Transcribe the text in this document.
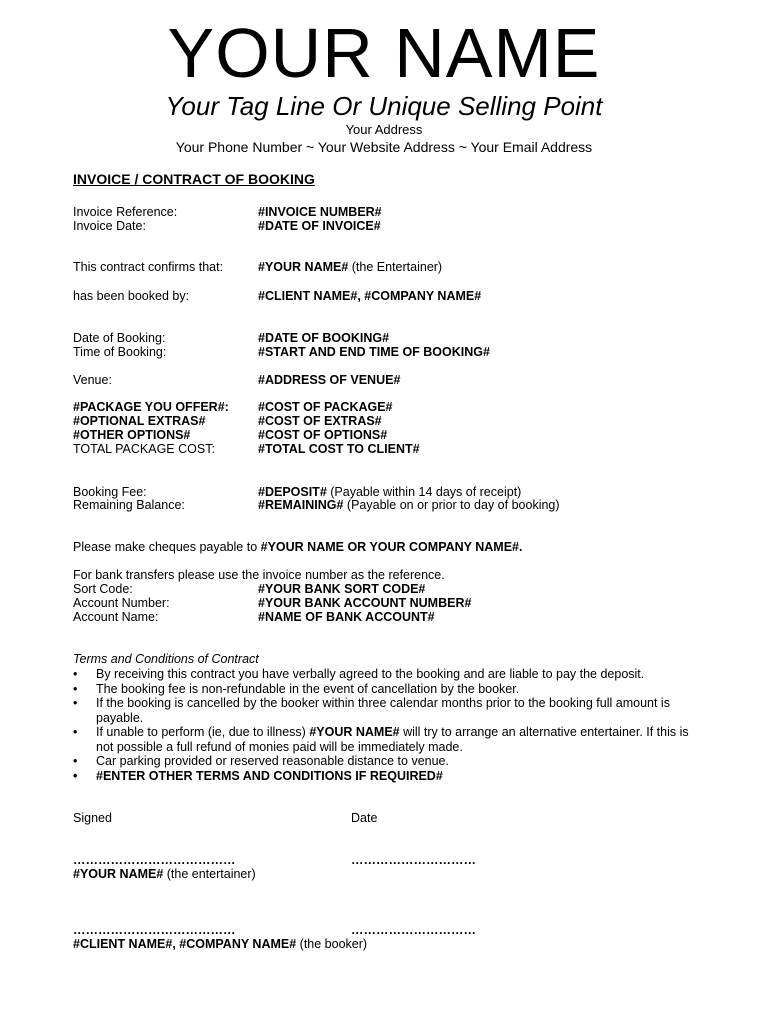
YOUR NAME
Your Tag Line Or Unique Selling Point
Your Address
Your Phone Number ~ Your Website Address ~ Your Email Address
INVOICE / CONTRACT OF BOOKING
Invoice Reference:	#INVOICE NUMBER#
Invoice Date:	#DATE OF INVOICE#
This contract confirms that:	#YOUR NAME# (the Entertainer)
has been booked by:	#CLIENT NAME#, #COMPANY NAME#
Date of Booking:	#DATE OF BOOKING#
Time of Booking:	#START AND END TIME OF BOOKING#
Venue:	#ADDRESS OF VENUE#
#PACKAGE YOU OFFER#: #COST OF PACKAGE#
#OPTIONAL EXTRAS#	#COST OF EXTRAS#
#OTHER OPTIONS#	#COST OF OPTIONS#
TOTAL PACKAGE COST:	#TOTAL COST TO CLIENT#
Booking Fee:	#DEPOSIT# (Payable within 14 days of receipt)
Remaining Balance:	#REMAINING# (Payable on or prior to day of booking)
Please make cheques payable to #YOUR NAME OR YOUR COMPANY NAME#.
For bank transfers please use the invoice number as the reference.
Sort Code:	#YOUR BANK SORT CODE#
Account Number:	#YOUR BANK ACCOUNT NUMBER#
Account Name:	#NAME OF BANK ACCOUNT#
Terms and Conditions of Contract
• By receiving this contract you have verbally agreed to the booking and are liable to pay the deposit.
• The booking fee is non-refundable in the event of cancellation by the booker.
• If the booking is cancelled by the booker within three calendar months prior to the booking full amount is payable.
• If unable to perform (ie, due to illness) #YOUR NAME# will try to arrange an alternative entertainer. If this is not possible a full refund of monies paid will be immediately made.
• Car parking provided or reserved reasonable distance to venue.
• #ENTER OTHER TERMS AND CONDITIONS IF REQUIRED#
Signed	Date
…………………………………	…………………………
#YOUR NAME# (the entertainer)
…………………………………	…………………………
#CLIENT NAME#, #COMPANY NAME# (the booker)
